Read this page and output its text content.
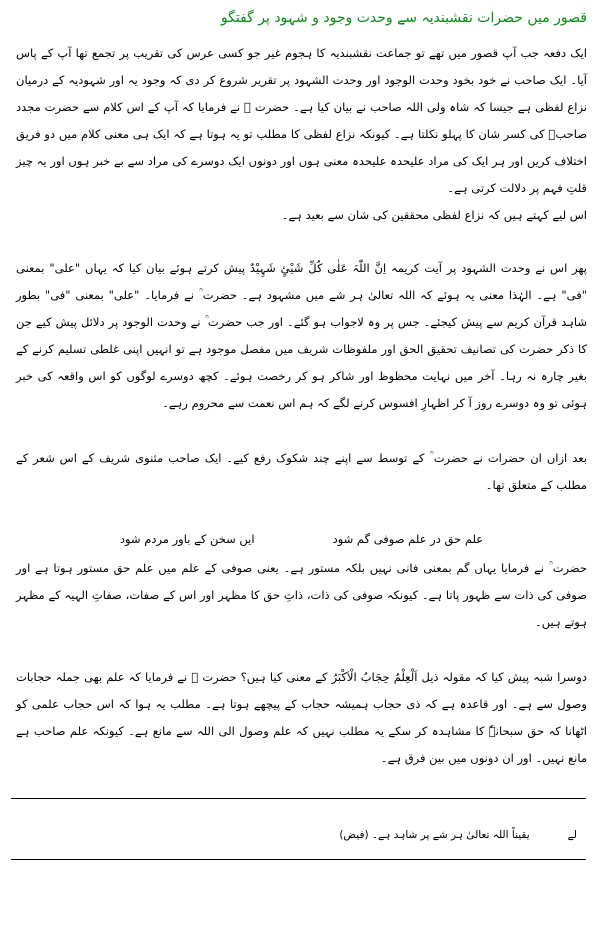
قصور میں حضرات نقشبندیہ سے وحدت وجود و شہود پر گفتگو

ایک دفعہ جب آپ قصور میں تھے تو جماعت نقشبندیہ کا ہجوم غیر جو کسی عرس کی تقریب پر تجمع تھا آپ کے پاس آیا۔ ایک صاحب نے خود بخود وحدت الوجود اور وحدت الشہود پر تقریر شروع کر دی کہ وجود یہ اور شہودیہ کے درمیان نزاع لفظی ہے جیسا کہ شاہ ولی اللہ صاحب نے بیان کیا ہے۔ حضرت ؒ نے فرمایا کہ آپ کے اس کلام سے حضرت مجدد صاحبؒ کی کسر شان کا پہلو نکلتا ہے۔ کیونکہ نزاع لفظی کا مطلب تو یہ ہوتا ہے کہ ایک ہی معنی کلام میں دو فریق اختلاف کریں اور ہر ایک کی مراد علیحدہ علیحدہ معنی ہوں اور دونوں ایک دوسرے کی مراد سے بے خبر ہوں اور یہ چیز قلتِ فہم پر دلالت کرتی ہے۔

اس لیے کہتے ہیں کہ نزاع لفظی محققین کی شان سے بعید ہے۔

پھر اس نے وحدت الشہود پر آیت کریمہ اِنَّ اللّٰہَ عَلٰی کُلِّ شَیْئٍ شَہِیْدٌ پیش کرتے ہوئے بیان کیا کہ یہاں "علی" بمعنی "فی" ہے۔ الہٰذا معنی یہ ہوئے کہ اللہ تعالیٰ ہر شے میں مشہود ہے۔ حضرت ؒ نے فرمایا۔ "علی" بمعنی "فی" بطور شاہد قرآن کریم سے پیش کیجئے۔ جس پر وہ لاجواب ہو گئے۔ اور جب حضرت ؒ نے وحدت الوجود پر دلائل پیش کیے جن کا ذکر حضرت کی تصانیف تحقیق الحق اور ملفوظات شریف میں مفصل موجود ہے تو انہیں اپنی غلطی تسلیم کرنے کے بغیر چارہ نہ رہا۔ آخر میں نہایت محظوظ اور شاکر ہو کر رخصت ہوئے۔ کچھ دوسرے لوگوں کو اس واقعہ کی خبر ہوئی تو وہ دوسرے روز آ کر اظہارِ افسوس کرنے لگے کہ ہم اس نعمت سے محروم رہے۔

بعد ازاں ان حضرات نے حضرت ؒ کے توسط سے اپنے چند شکوک رفع کیے۔ ایک صاحب مثنوی شریف کے اس شعر کے مطلب کے متعلق تھا۔

علم حق در علم صوفی گم شود
ایں سخن کے باور مردم شود

حضرت ؒ نے فرمایا یہاں گم بمعنی فانی نہیں بلکہ مستور ہے۔ یعنی صوفی کے علم میں علم حق مستور ہوتا ہے اور صوفی کی ذات سے ظہور پاتا ہے۔ کیونکہ صوفی کی ذات، ذاتِ حق کا مظہر اور اس کے صفات، صفاتِ الہیہ کے مظہر ہوتے ہیں۔

دوسرا شبہ پیش کیا کہ مقولہ ذیل اَلْعِلْمُ حِجَابُ الْاَکْبَرُ کے معنی کیا ہیں؟ حضرت ؒ نے فرمایا کہ علم بھی جملہ حجابات وصول سے ہے۔ اور قاعدہ ہے کہ ذی حجاب ہمیشہ حجاب کے پیچھے ہوتا ہے۔ مطلب یہ ہوا کہ اس حجاب علمی کو اٹھانا کہ حق سبحانہٗ کا مشاہدہ کر سکے یہ مطلب نہیں کہ علم وصول الی اللہ سے مانع ہے۔ کیونکہ علم صاحب ہے مانع نہیں۔ اور ان دونوں میں بین فرق ہے۔

لے
یقیناً اللہ تعالیٰ ہر شے پر شاہد ہے۔ (فیض)
